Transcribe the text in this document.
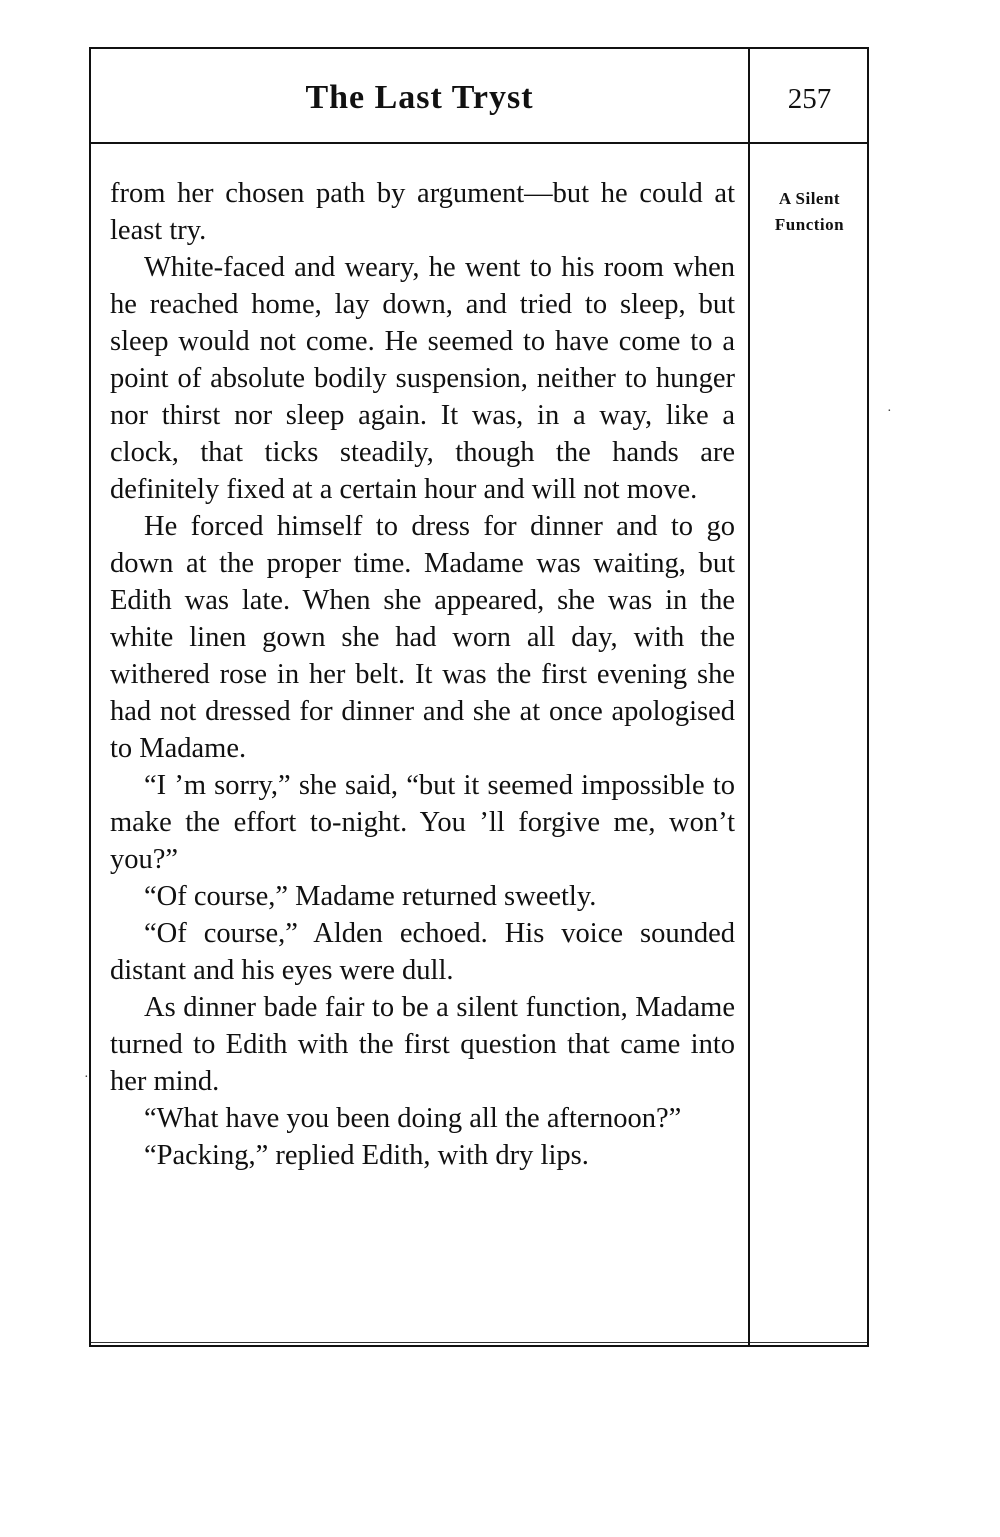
The Last Tryst	257
A Silent
Function

from her chosen path by argument—but he could at least try.

White-faced and weary, he went to his room when he reached home, lay down, and tried to sleep, but sleep would not come. He seemed to have come to a point of absolute bodily suspension, neither to hunger nor thirst nor sleep again. It was, in a way, like a clock, that ticks steadily, though the hands are definitely fixed at a certain hour and will not move.

He forced himself to dress for dinner and to go down at the proper time. Madame was waiting, but Edith was late. When she appeared, she was in the white linen gown she had worn all day, with the withered rose in her belt. It was the first evening she had not dressed for dinner and she at once apologised to Madame.

“I ’m sorry,” she said, “but it seemed impossible to make the effort to-night. You ’ll forgive me, won’t you?”

“Of course,” Madame returned sweetly.

“Of course,” Alden echoed. His voice sounded distant and his eyes were dull.

As dinner bade fair to be a silent function, Madame turned to Edith with the first question that came into her mind.

“What have you been doing all the afternoon?”

“Packing,” replied Edith, with dry lips.

·
·
